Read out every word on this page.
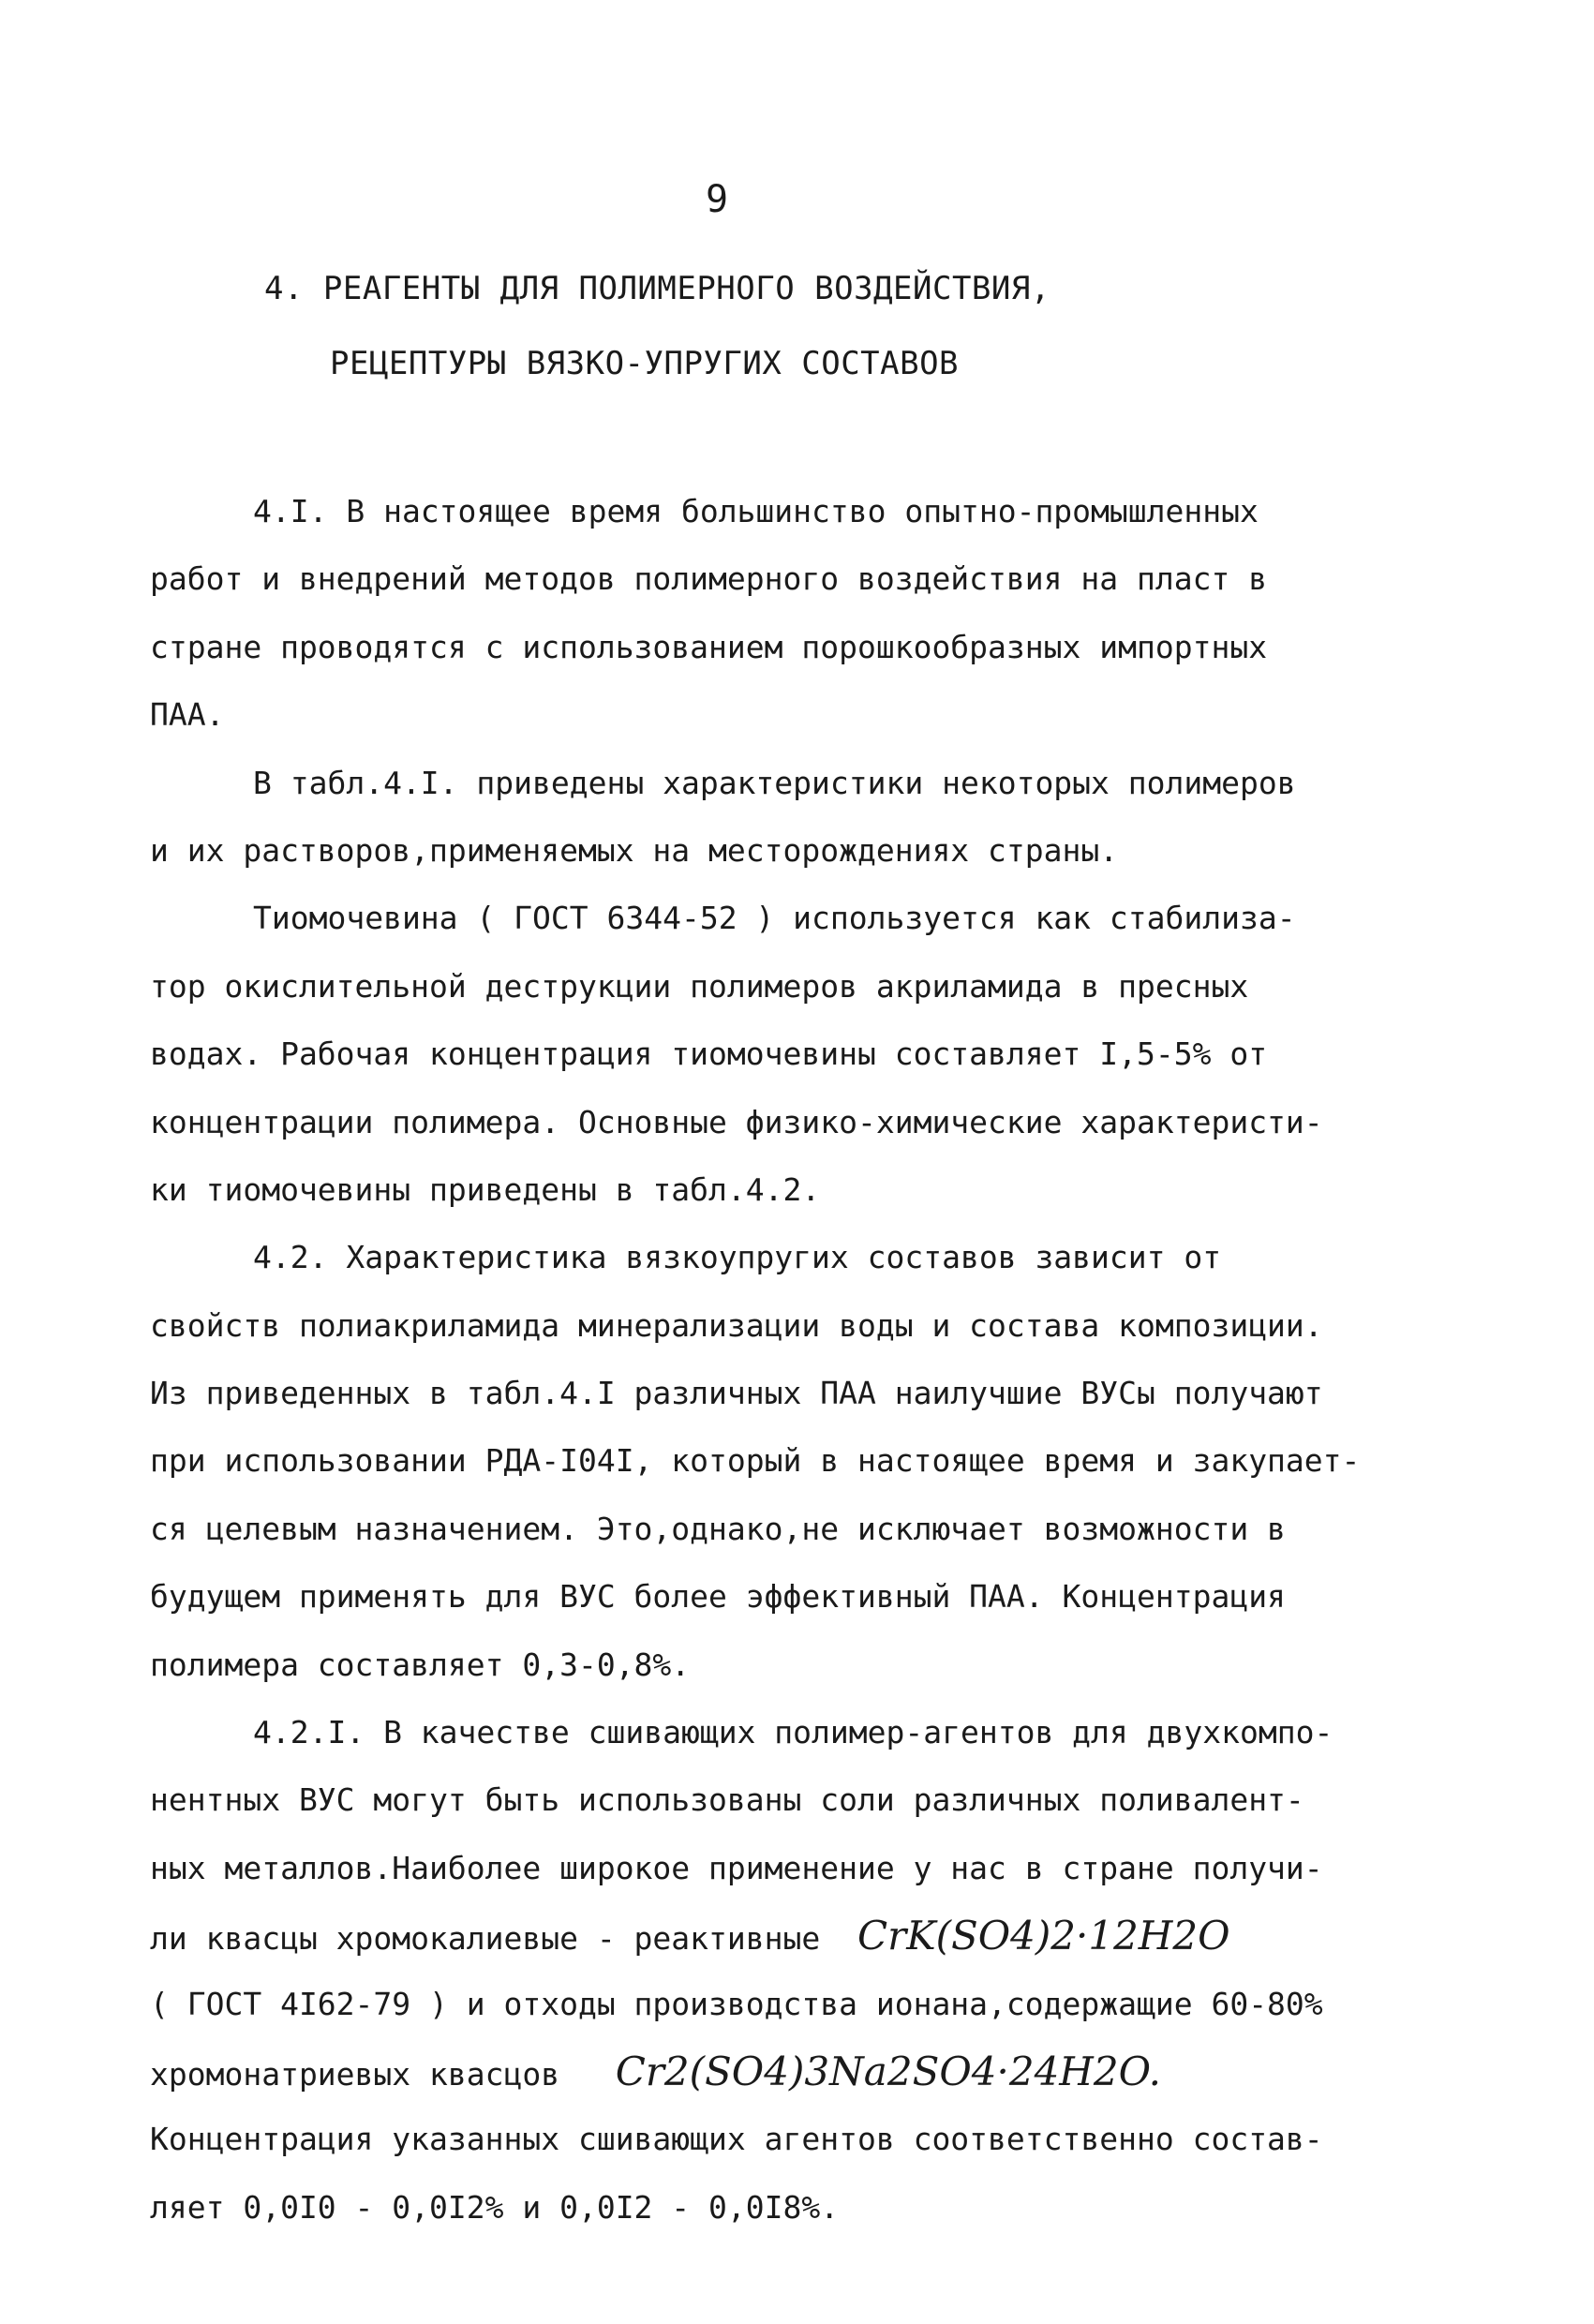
9
4. РЕАГЕНТЫ ДЛЯ ПОЛИМЕРНОГО ВОЗДЕЙСТВИЯ,
РЕЦЕПТУРЫ ВЯЗКО-УПРУГИХ СОСТАВОВ
4.I. В настоящее время большинство опытно-промышленных
работ и внедрений методов полимерного воздействия на пласт в
стране проводятся с использованием порошкообразных импортных
ПАА.
В табл.4.I. приведены характеристики некоторых полимеров
и их растворов,применяемых на месторождениях страны.
Тиомочевина ( ГОСТ 6344-52 ) используется как стабилиза-
тор окислительной деструкции полимеров акриламида в пресных
водах. Рабочая концентрация тиомочевины составляет I,5-5% от
концентрации полимера. Основные физико-химические характеристи-
ки тиомочевины приведены в табл.4.2.
4.2. Характеристика вязкоупругих составов зависит от
свойств полиакриламида минерализации воды и состава композиции.
Из приведенных в табл.4.I различных ПАА наилучшие ВУСы получают
при использовании РДА-I04I, который в настоящее время и закупает-
ся целевым назначением. Это,однако,не исключает возможности в
будущем применять для ВУС более эффективный ПАА. Концентрация
полимера составляет 0,3-0,8%.
4.2.I. В качестве сшивающих полимер-агентов для двухкомпо-
нентных ВУС могут быть использованы соли различных поливалент-
ных металлов.Наиболее широкое применение у нас в стране получи-
ли квасцы хромокалиевые - реактивные CrK(SO4)2·12H2O
( ГОСТ 4I62-79 ) и отходы производства ионана,содержащие 60-80%
хромонатриевых квасцов Cr2(SO4)3Na2SO4·24H2O.
Концентрация указанных сшивающих агентов соответственно состав-
ляет 0,0I0 - 0,0I2% и 0,0I2 - 0,0I8%.
